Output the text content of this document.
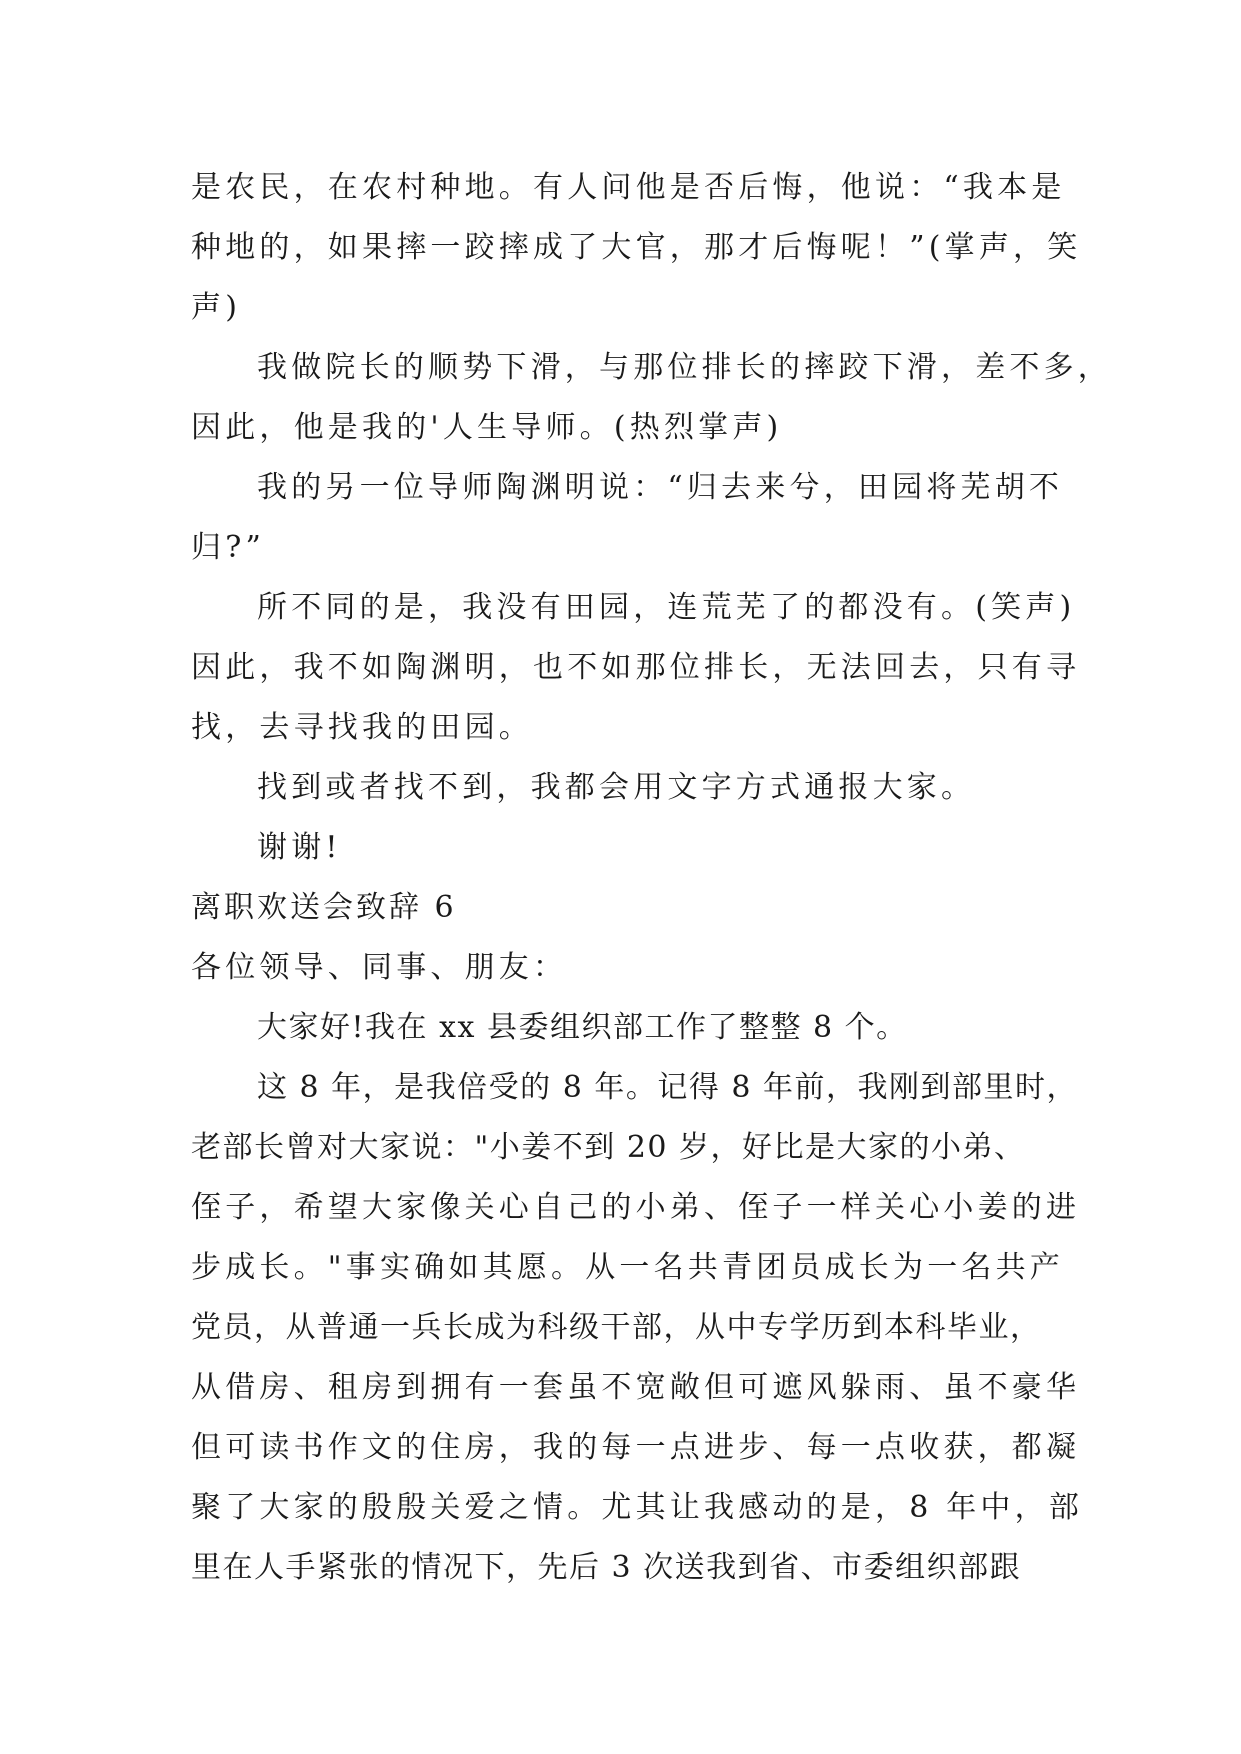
是农民，在农村种地。有人问他是否后悔，他说：“我本是
种地的，如果摔一跤摔成了大官，那才后悔呢！”(掌声，笑
声)
我做院长的顺势下滑，与那位排长的摔跤下滑，差不多，
因此，他是我的'人生导师。(热烈掌声)
我的另一位导师陶渊明说：“归去来兮，田园将芜胡不
归?”
所不同的是，我没有田园，连荒芜了的都没有。(笑声)
因此，我不如陶渊明，也不如那位排长，无法回去，只有寻
找，去寻找我的田园。
找到或者找不到，我都会用文字方式通报大家。
谢谢!
离职欢送会致辞 6
各位领导、同事、朋友：
大家好!我在 xx 县委组织部工作了整整 8 个。
这 8 年，是我倍受的 8 年。记得 8 年前，我刚到部里时，
老部长曾对大家说："小姜不到 20 岁，好比是大家的小弟、
侄子，希望大家像关心自己的小弟、侄子一样关心小姜的进
步成长。"事实确如其愿。从一名共青团员成长为一名共产
党员，从普通一兵长成为科级干部，从中专学历到本科毕业，
从借房、租房到拥有一套虽不宽敞但可遮风躲雨、虽不豪华
但可读书作文的住房，我的每一点进步、每一点收获，都凝
聚了大家的殷殷关爱之情。尤其让我感动的是，8 年中，部
里在人手紧张的情况下，先后 3 次送我到省、市委组织部跟
